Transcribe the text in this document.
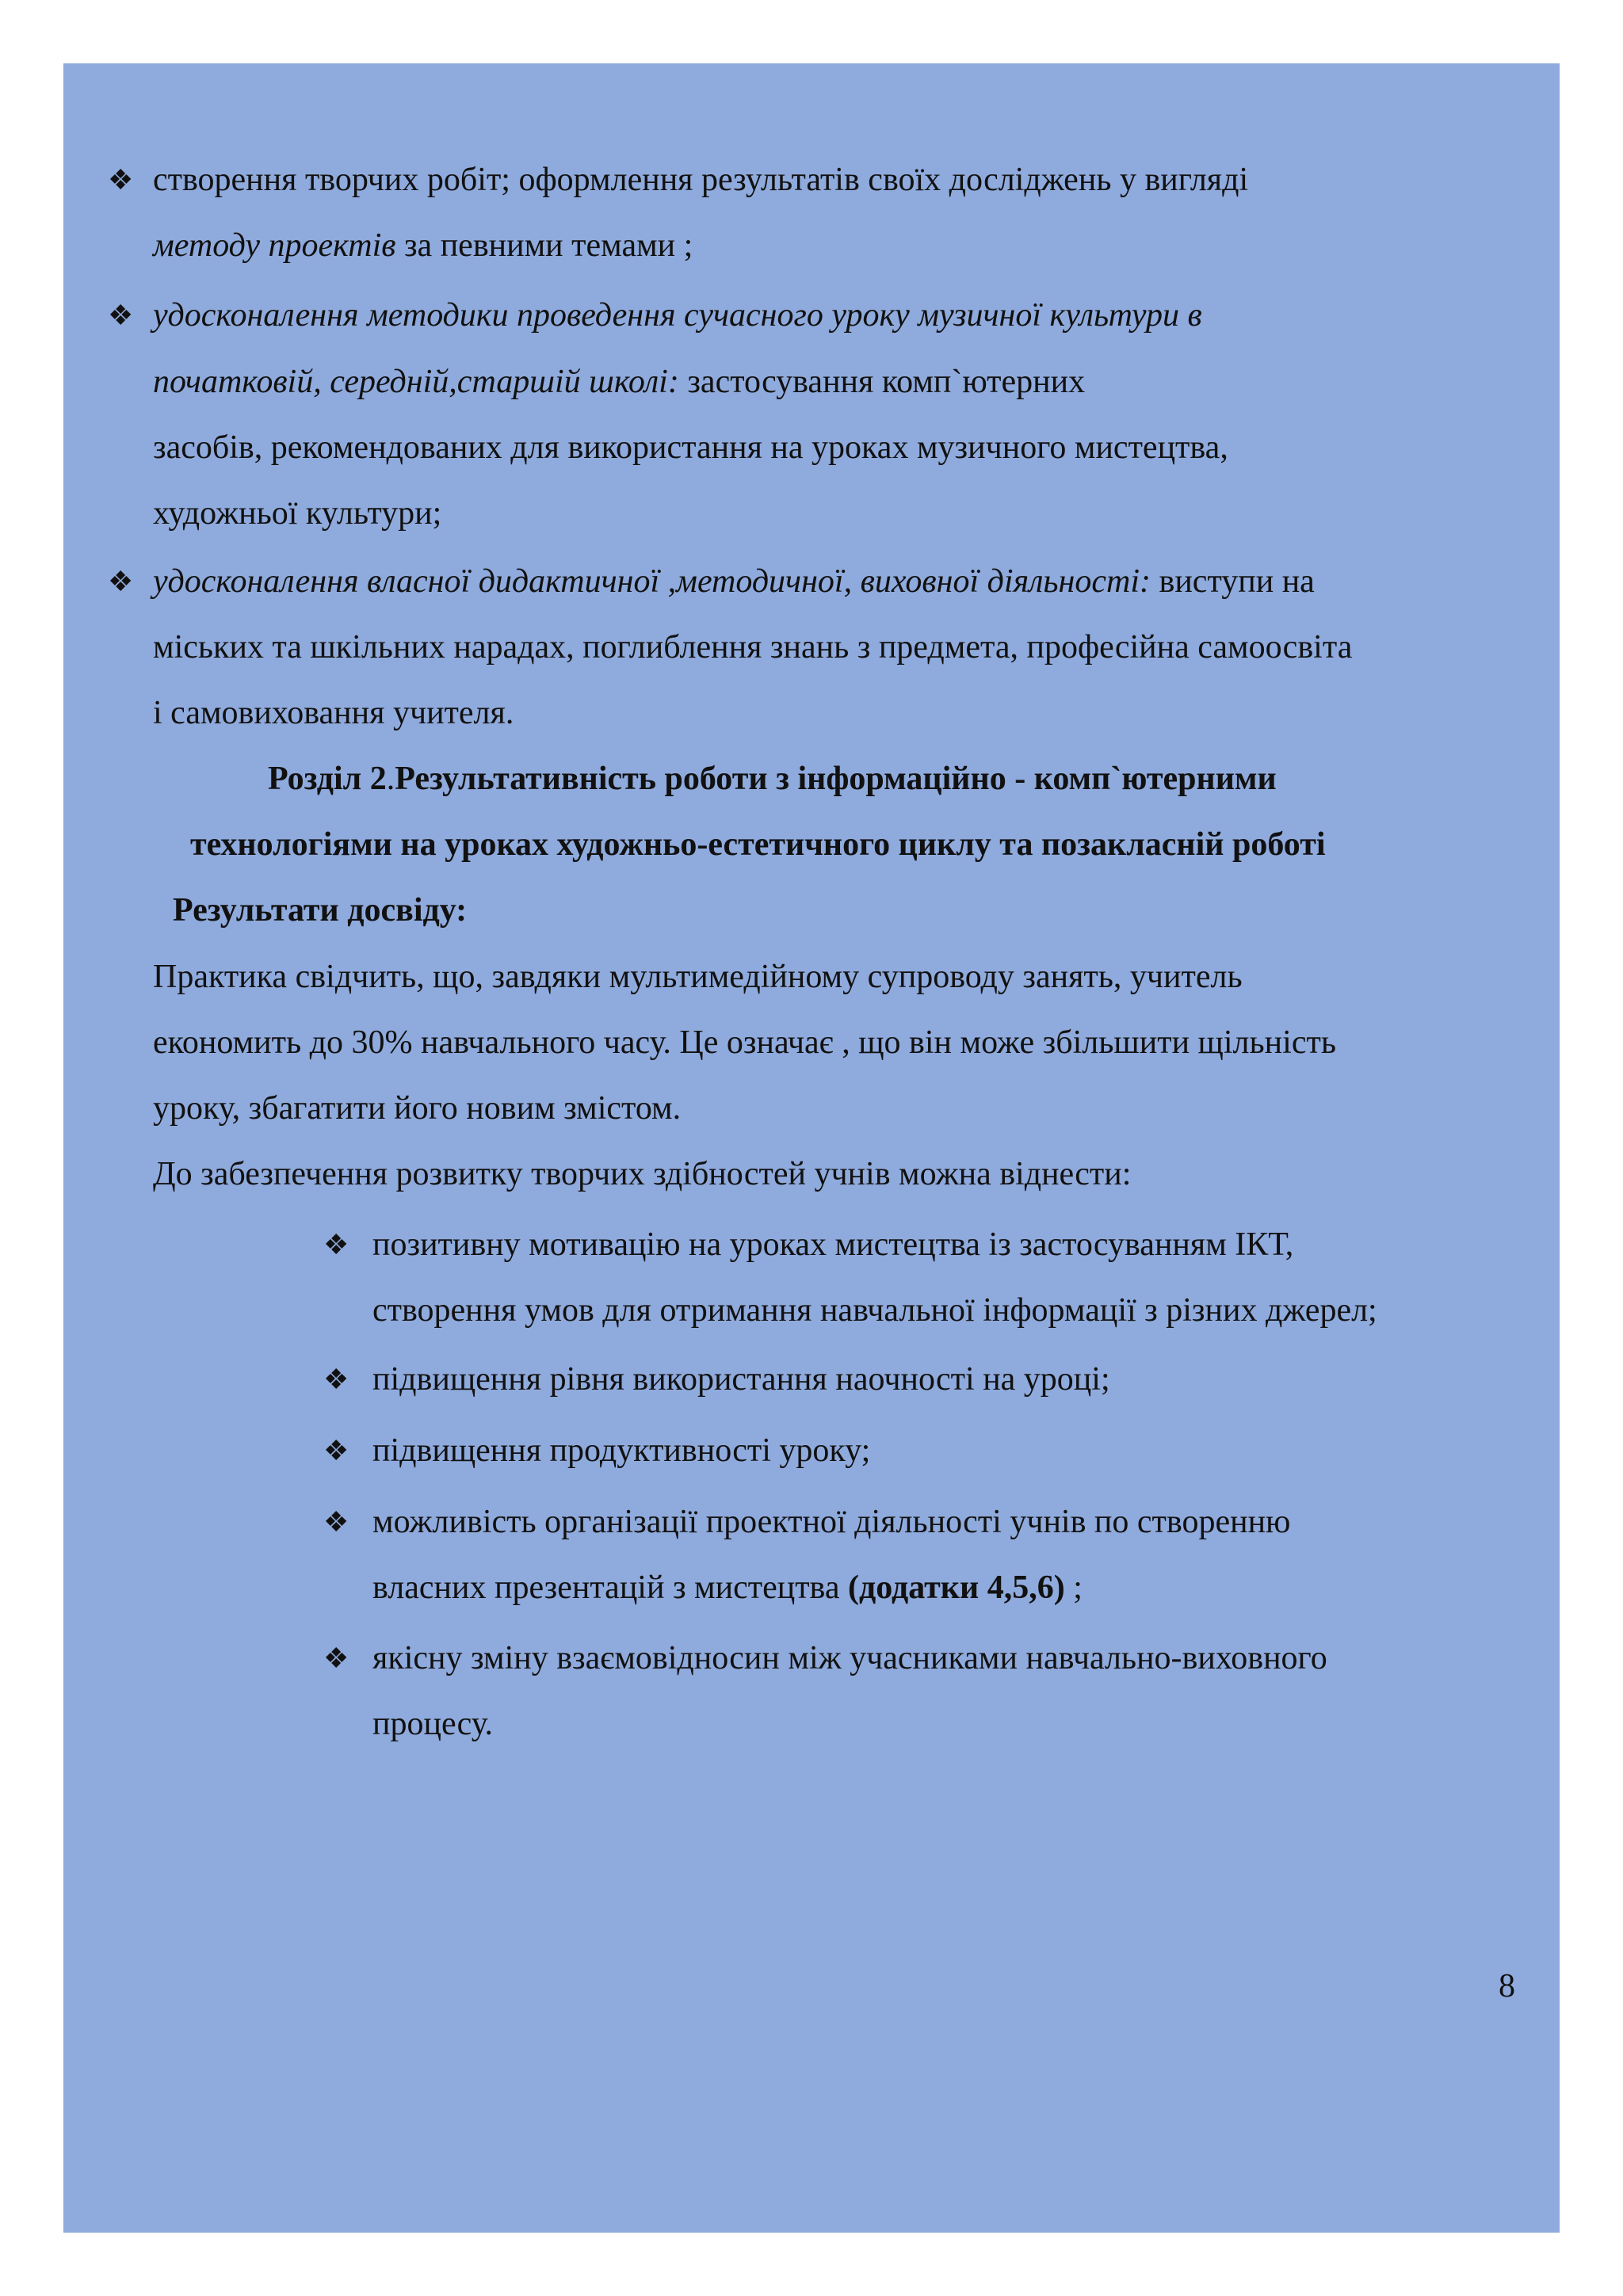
❖ створення творчих робіт; оформлення результатів своїх досліджень у вигляді
методу проектів за певними темами ;
❖ удосконалення методики проведення сучасного уроку музичної культури в
початковій, середній,старшій школі: застосування комп`ютерних
засобів, рекомендованих для використання на уроках музичного мистецтва,
художньої культури;
❖ удосконалення власної дидактичної ,методичної, виховної діяльності: виступи на
міських та шкільних нарадах, поглиблення знань з предмета, професійна самоосвіта
і самовиховання учителя.
Розділ 2.Результативність роботи з інформаційно - комп`ютерними
технологіями на уроках художньо-естетичного циклу та позакласній роботі
Результати досвіду:
Практика свідчить, що, завдяки мультимедійному супроводу занять, учитель
економить до 30% навчального часу. Це означає , що він може збільшити щільність
уроку, збагатити його новим змістом.
До забезпечення розвитку творчих здібностей учнів можна віднести:
❖ позитивну мотивацію на уроках мистецтва із застосуванням ІКТ,
створення умов для отримання навчальної інформації з різних джерел;
❖ підвищення рівня використання наочності на уроці;
❖ підвищення продуктивності уроку;
❖ можливість організації проектної діяльності учнів по створенню
власних презентацій з мистецтва (додатки 4,5,6) ;
❖ якісну зміну взаємовідносин між учасниками навчально-виховного
процесу.
8
